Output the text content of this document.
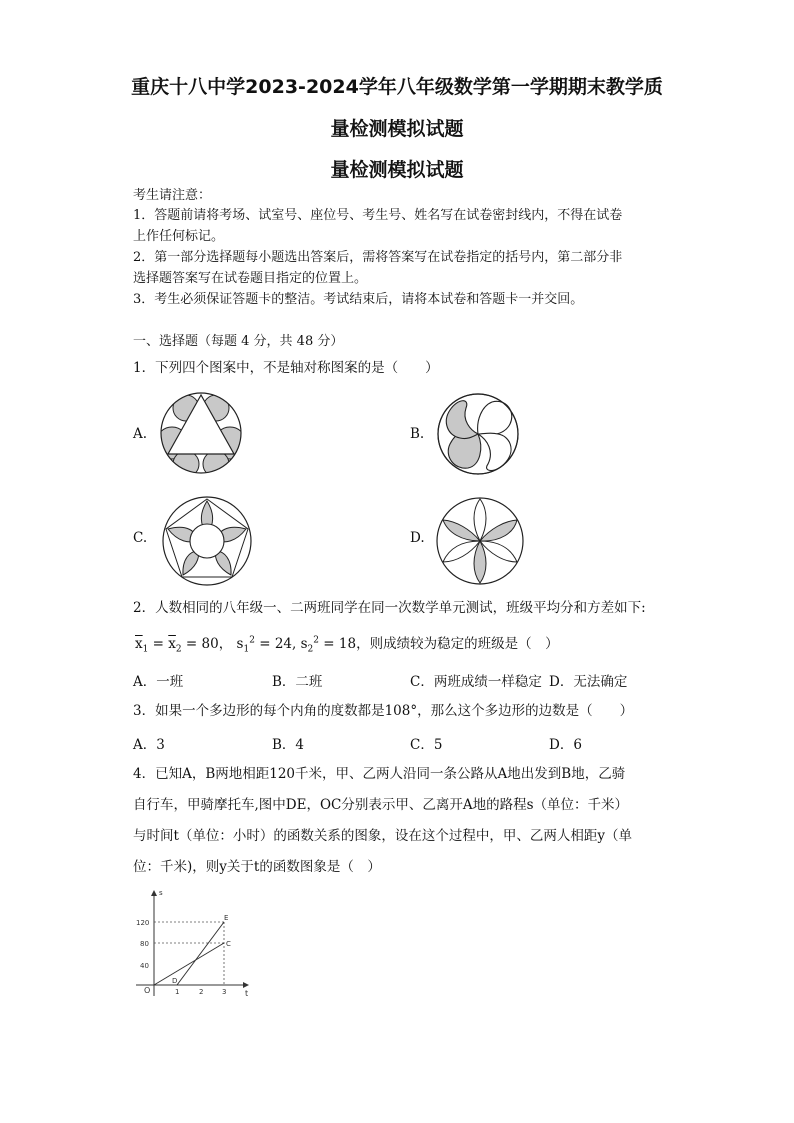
重庆十八中学2023-2024学年八年级数学第一学期期末教学质
量检测模拟试题
量检测模拟试题
考生请注意：
1．答题前请将考场、试室号、座位号、考生号、姓名写在试卷密封线内，不得在试卷
上作任何标记。
2．第一部分选择题每小题选出答案后，需将答案写在试卷指定的括号内，第二部分非
选择题答案写在试卷题目指定的位置上。
3．考生必须保证答题卡的整洁。考试结束后，请将本试卷和答题卡一并交回。
一、选择题（每题 4 分，共 48 分）
1．下列四个图案中，不是轴对称图案的是（　　）
A.	B.
C.	D.
2．人数相同的八年级一、二两班同学在同一次数学单元测试，班级平均分和方差如下:
$\overline{x}_1 = \overline{x}_2 = 80$， $s_1^2 = 24$, $s_2^2 = 18$，则成绩较为稳定的班级是（　）
A．一班	B．二班	C．两班成绩一样稳定 D．无法确定
3．如果一个多边形的每个内角的度数都是108°，那么这个多边形的边数是（　　）
A．3	B．4	C．5	D．6
4．已知A，B两地相距120千米，甲、乙两人沿同一条公路从A地出发到B地，乙骑
自行车，甲骑摩托车,图中DE，OC分别表示甲、乙离开A地的路程s（单位：千米）
与时间t（单位：小时）的函数关系的图象，设在这个过程中，甲、乙两人相距y（单
位：千米)，则y关于t的函数图象是（　）
s
t
O
120
80
40
1	2	3
E
C
D
